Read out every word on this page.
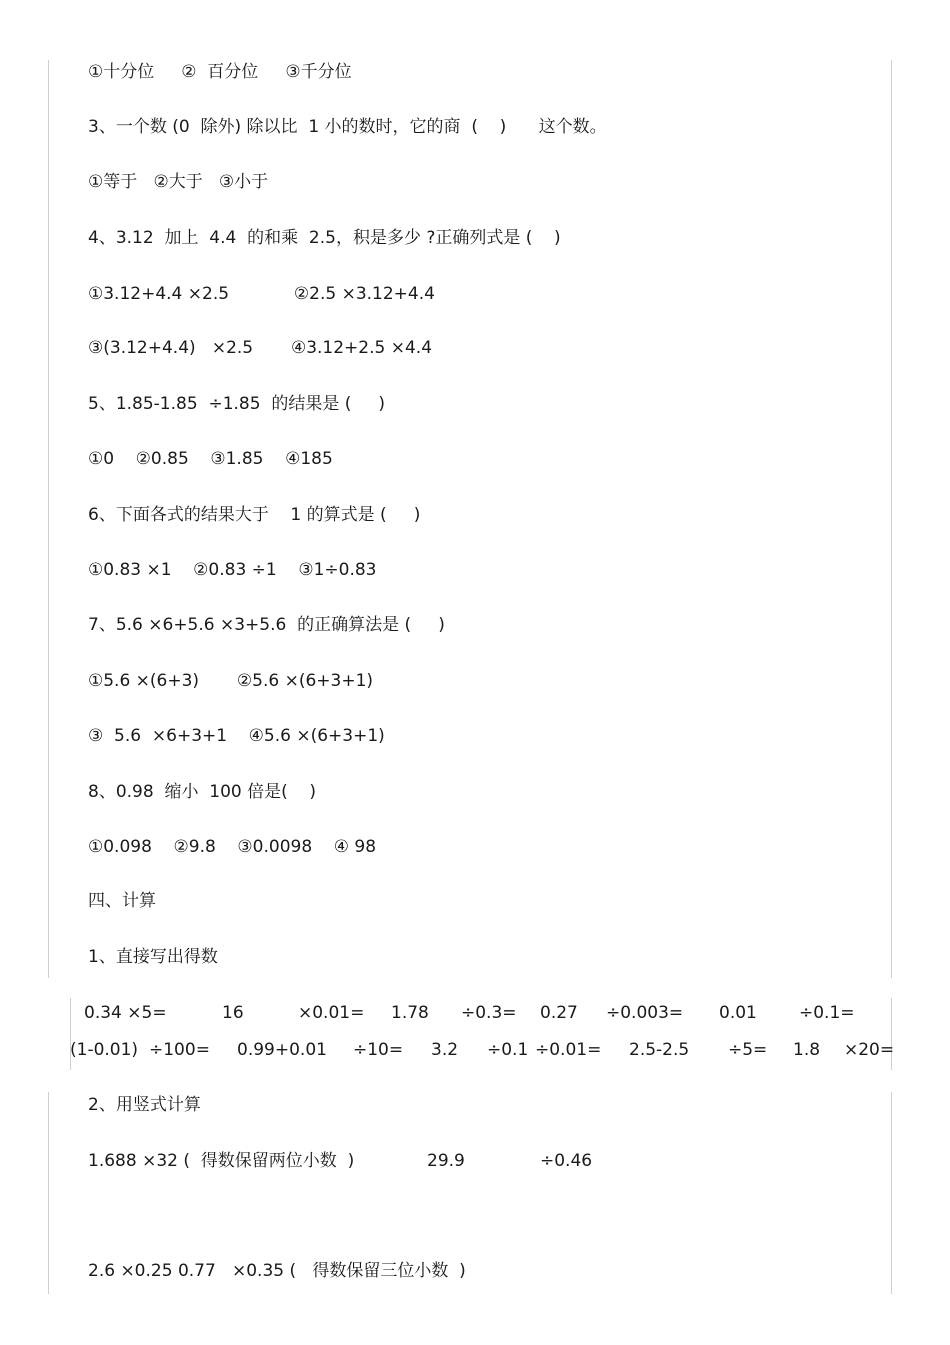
①十分位     ②  百分位     ③千分位
3、一个数 (0  除外) 除以比  1 小的数时，它的商  (    )      这个数。
①等于   ②大于   ③小于
4、3.12  加上  4.4  的和乘  2.5，积是多少 ?正确列式是 (    )
①3.12+4.4 ×2.5            ②2.5 ×3.12+4.4
③(3.12+4.4)   ×2.5       ④3.12+2.5 ×4.4
5、1.85-1.85  ÷1.85  的结果是 (     )
①0    ②0.85    ③1.85    ④185
6、下面各式的结果大于    1 的算式是 (     )
①0.83 ×1    ②0.83 ÷1    ③1÷0.83
7、5.6 ×6+5.6 ×3+5.6  的正确算法是 (     )
①5.6 ×(6+3)       ②5.6 ×(6+3+1)
③  5.6  ×6+3+1    ④5.6 ×(6+3+1)
8、0.98  缩小  100 倍是(    )
①0.098    ②9.8    ③0.0098    ④ 98
四、计算
1、直接写出得数
0.34 ×5=	16	×0.01= 1.78 ÷0.3= 0.27 ÷0.003= 0.01 ÷0.1=
(1-0.01) ÷100= 0.99+0.01 ÷10= 3.2 ÷0.1 ÷0.01= 2.5-2.5 ÷5= 1.8 ×20=
2、用竖式计算
1.688 ×32 (  得数保留两位小数  )	29.9	÷0.46
2.6 ×0.25 0.77   ×0.35 (   得数保留三位小数  )
